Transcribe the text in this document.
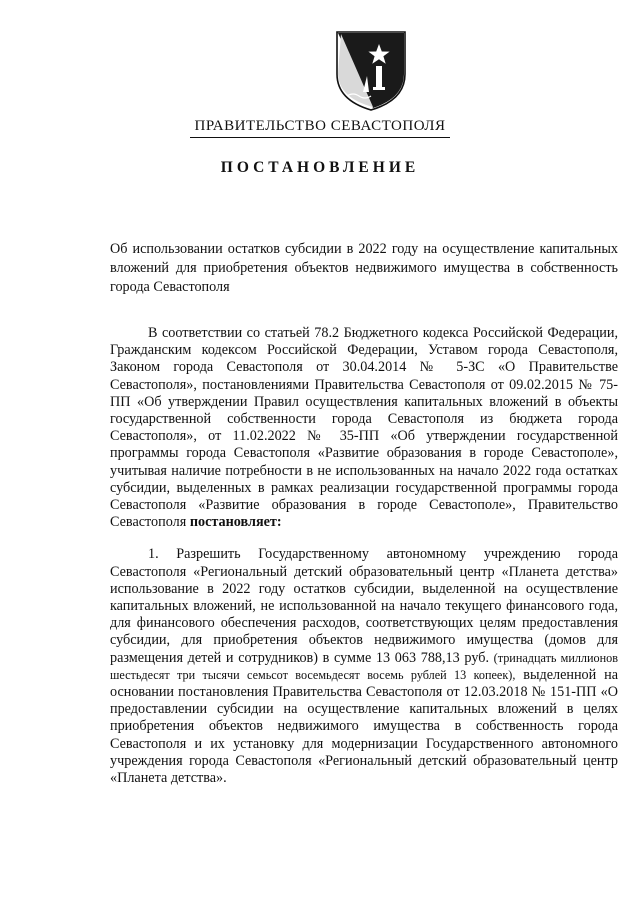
ПРАВИТЕЛЬСТВО СЕВАСТОПОЛЯ
ПОСТАНОВЛЕНИЕ
Об использовании остатков субсидии в 2022 году на осуществление капитальных вложений для приобретения объектов недвижимого имущества в собственность города Севастополя

В соответствии со статьей 78.2 Бюджетного кодекса Российской Федерации, Гражданским кодексом Российской Федерации, Уставом города Севастополя, Законом города Севастополя от 30.04.2014 № 5-ЗС «О Правительстве Севастополя», постановлениями Правительства Севастополя от 09.02.2015 № 75-ПП «Об утверждении Правил осуществления капитальных вложений в объекты государственной собственности города Севастополя из бюджета города Севастополя», от 11.02.2022 № 35-ПП «Об утверждении государственной программы города Севастополя «Развитие образования в городе Севастополе», учитывая наличие потребности в не использованных на начало 2022 года остатках субсидии, выделенных в рамках реализации государственной программы города Севастополя «Развитие образования в городе Севастополе», Правительство Севастополя постановляет:

1. Разрешить Государственному автономному учреждению города Севастополя «Региональный детский образовательный центр «Планета детства» использование в 2022 году остатков субсидии, выделенной на осуществление капитальных вложений, не использованной на начало текущего финансового года, для финансового обеспечения расходов, соответствующих целям предоставления субсидии, для приобретения объектов недвижимого имущества (домов для размещения детей и сотрудников) в сумме 13 063 788,13 руб. (тринадцать миллионов шестьдесят три тысячи семьсот восемьдесят восемь рублей 13 копеек), выделенной на основании постановления Правительства Севастополя от 12.03.2018 № 151-ПП «О предоставлении субсидии на осуществление капитальных вложений в целях приобретения объектов недвижимого имущества в собственность города Севастополя и их установку для модернизации Государственного автономного учреждения города Севастополя «Региональный детский образовательный центр «Планета детства».
